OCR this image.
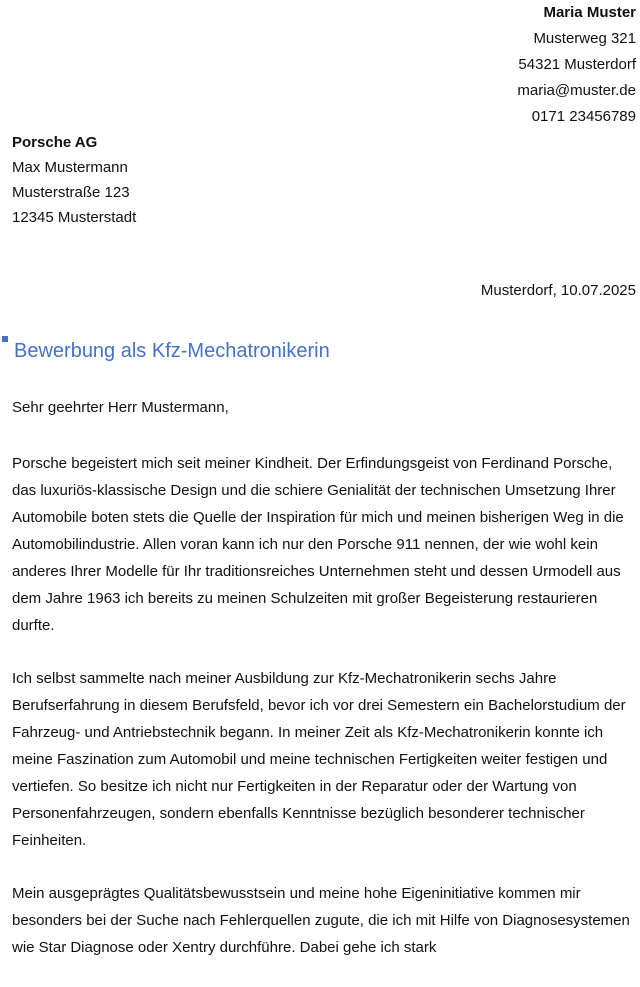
Maria Muster
Musterweg 321
54321 Musterdorf
maria@muster.de
0171 23456789
Porsche AG
Max Mustermann
Musterstraße 123
12345 Musterstadt
Musterdorf, 10.07.2025
Bewerbung als Kfz-Mechatronikerin
Sehr geehrter Herr Mustermann,

Porsche begeistert mich seit meiner Kindheit. Der Erfindungsgeist von Ferdinand Porsche, das luxuriös-klassische Design und die schiere Genialität der technischen Umsetzung Ihrer Automobile boten stets die Quelle der Inspiration für mich und meinen bisherigen Weg in die Automobilindustrie. Allen voran kann ich nur den Porsche 911 nennen, der wie wohl kein anderes Ihrer Modelle für Ihr traditionsreiches Unternehmen steht und dessen Urmodell aus dem Jahre 1963 ich bereits zu meinen Schulzeiten mit großer Begeisterung restaurieren durfte.

Ich selbst sammelte nach meiner Ausbildung zur Kfz-Mechatronikerin sechs Jahre Berufserfahrung in diesem Berufsfeld, bevor ich vor drei Semestern ein Bachelorstudium der Fahrzeug- und Antriebstechnik begann. In meiner Zeit als Kfz-Mechatronikerin konnte ich meine Faszination zum Automobil und meine technischen Fertigkeiten weiter festigen und vertiefen. So besitze ich nicht nur Fertigkeiten in der Reparatur oder der Wartung von Personenfahrzeugen, sondern ebenfalls Kenntnisse bezüglich besonderer technischer Feinheiten.

Mein ausgeprägtes Qualitätsbewusstsein und meine hohe Eigeninitiative kommen mir besonders bei der Suche nach Fehlerquellen zugute, die ich mit Hilfe von Diagnosesystemen wie Star Diagnose oder Xentry durchführe. Dabei gehe ich stark
